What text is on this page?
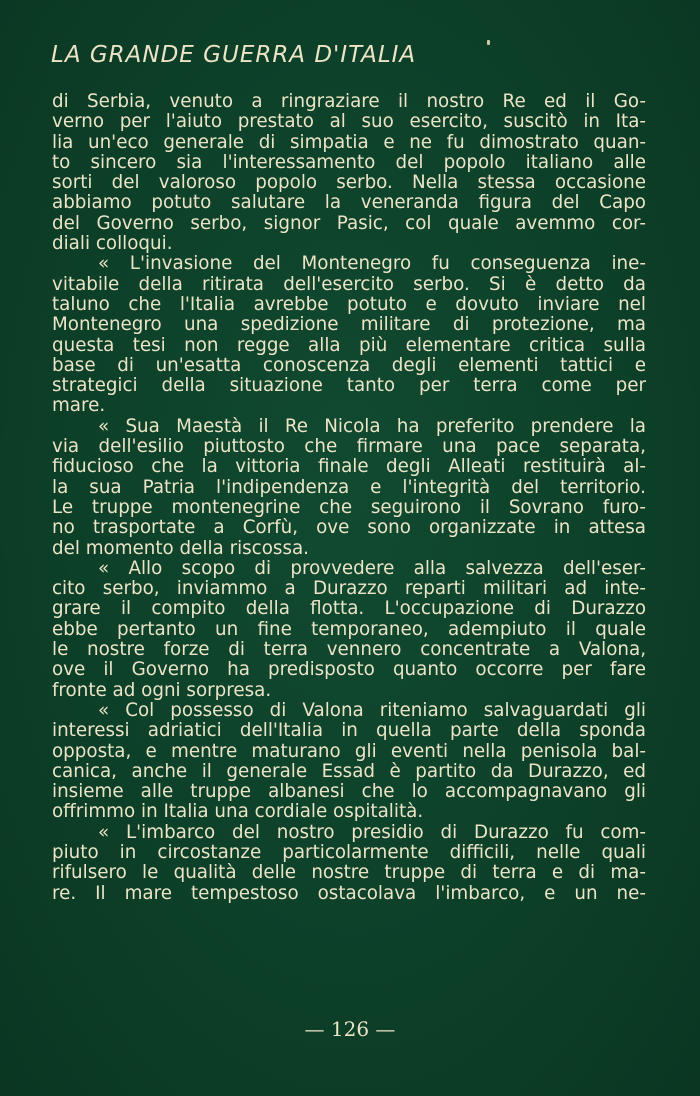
LA GRANDE GUERRA D'ITALIA
di Serbia, venuto a ringraziare il nostro Re ed il Go-
verno per l'aiuto prestato al suo esercito, suscitò in Ita-
lia un'eco generale di simpatia e ne fu dimostrato quan-
to sincero sia l'interessamento del popolo italiano alle
sorti del valoroso popolo serbo. Nella stessa occasione
abbiamo potuto salutare la veneranda figura del Capo
del Governo serbo, signor Pasic, col quale avemmo cor-
diali colloqui.
« L'invasione del Montenegro fu conseguenza ine-
vitabile della ritirata dell'esercito serbo. Si è detto da
taluno che l'Italia avrebbe potuto e dovuto inviare nel
Montenegro una spedizione militare di protezione, ma
questa tesi non regge alla più elementare critica sulla
base di un'esatta conoscenza degli elementi tattici e
strategici della situazione tanto per terra come per
mare.
« Sua Maestà il Re Nicola ha preferito prendere la
via dell'esilio piuttosto che firmare una pace separata,
fiducioso che la vittoria finale degli Alleati restituirà al-
la sua Patria l'indipendenza e l'integrità del territorio.
Le truppe montenegrine che seguirono il Sovrano furo-
no trasportate a Corfù, ove sono organizzate in attesa
del momento della riscossa.
« Allo scopo di provvedere alla salvezza dell'eser-
cito serbo, inviammo a Durazzo reparti militari ad inte-
grare il compito della flotta. L'occupazione di Durazzo
ebbe pertanto un fine temporaneo, adempiuto il quale
le nostre forze di terra vennero concentrate a Valona,
ove il Governo ha predisposto quanto occorre per fare
fronte ad ogni sorpresa.
« Col possesso di Valona riteniamo salvaguardati gli
interessi adriatici dell'Italia in quella parte della sponda
opposta, e mentre maturano gli eventi nella penisola bal-
canica, anche il generale Essad è partito da Durazzo, ed
insieme alle truppe albanesi che lo accompagnavano gli
offrimmo in Italia una cordiale ospitalità.
« L'imbarco del nostro presidio di Durazzo fu com-
piuto in circostanze particolarmente difficili, nelle quali
rifulsero le qualità delle nostre truppe di terra e di ma-
re. Il mare tempestoso ostacolava l'imbarco, e un ne-
— 126 —
